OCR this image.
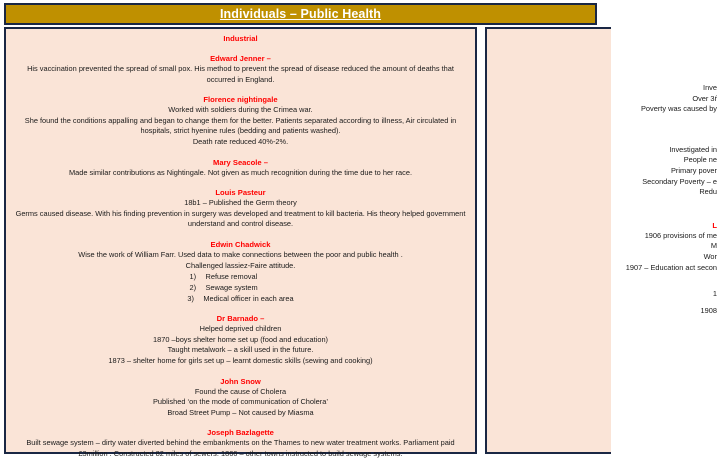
Individuals – Public Health

Industrial

Edward Jenner –

His vaccination prevented the spread of small pox. His method to prevent the spread of disease reduced the amount of deaths that occurred in England.

Florence nightingale

Worked with soldiers during the Crimea war.

She found the conditions appalling and began to change them for the better. Patients separated according to illness, Air circulated in hospitals, strict hyenine rules (bedding and patients washed).

Death rate reduced 40%-2%.

Mary Seacole –

Made similar contributions as Nightingale. Not given as much recognition during the time due to her race.

Louis Pasteur

18b1 – Published the Germ theory

Germs caused disease. With his finding prevention in surgery was developed and treatment to kill bacteria. His theory helped government understand and control disease.

Edwin Chadwick

Wise the work of William Farr. Used data to make connections between the poor and public health .

Challenged lassiez-Faire attitude.

1) Refuse removal

2) Sewage system

3) Medical officer in each area

Dr Barnado –

Helped deprived children

1870 –boys shelter home set up (food and education)

Taught metalwork – a skill used in the future.

1873 – shelter home for girls set up – learnt domestic skills (sewing and cooking)

John Snow

Found the cause of Cholera

Published ‘on the mode of communication of Cholera’

Broad Street Pump – Not caused by Miasma

Joseph Bazlagette

Built sewage system – dirty water diverted behind the embankments on the Thames to new water treatment works. Parliament paid £3million . Constructed 82 miles of sewers. 1866 – other towns instructed to build sewage systems.

Inve

Over 3ŕ

Poverty was caused by

Investigated in

People ne

Primary pover

Secondary Poverty – e

Redu

L

1906 provisions of me

M

Wor

1907 – Education act secon

1

1908
